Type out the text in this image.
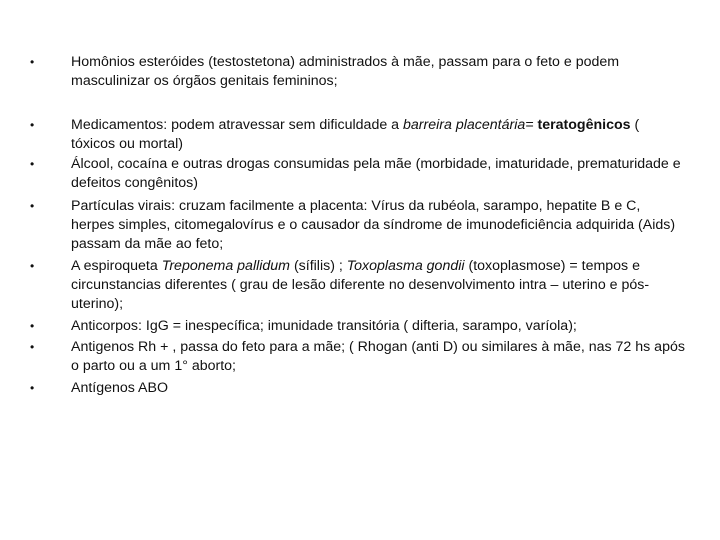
•	Homônios esteróides (testostetona) administrados à mãe, passam para o feto e podem masculinizar os órgãos genitais femininos;
•	Medicamentos: podem atravessar sem dificuldade a barreira placentária= teratogênicos ( tóxicos ou mortal)
•	Álcool, cocaína e outras drogas consumidas pela mãe (morbidade, imaturidade, prematuridade e defeitos congênitos)
•	Partículas virais: cruzam facilmente a placenta: Vírus da rubéola, sarampo, hepatite B e C, herpes simples, citomegalovírus e o causador da síndrome de imunodeficiência adquirida (Aids) passam da mãe ao feto;
•	A espiroqueta Treponema pallidum (sífilis) ; Toxoplasma gondii (toxoplasmose) = tempos e circunstancias diferentes ( grau de lesão diferente no desenvolvimento intra – uterino e pós-uterino);
•	Anticorpos: IgG = inespecífica; imunidade transitória ( difteria, sarampo, varíola);
•	Antigenos Rh + , passa do feto para a mãe; ( Rhogan (anti D) ou similares à mãe, nas 72 hs após o parto ou a um 1° aborto;
•	Antígenos ABO
